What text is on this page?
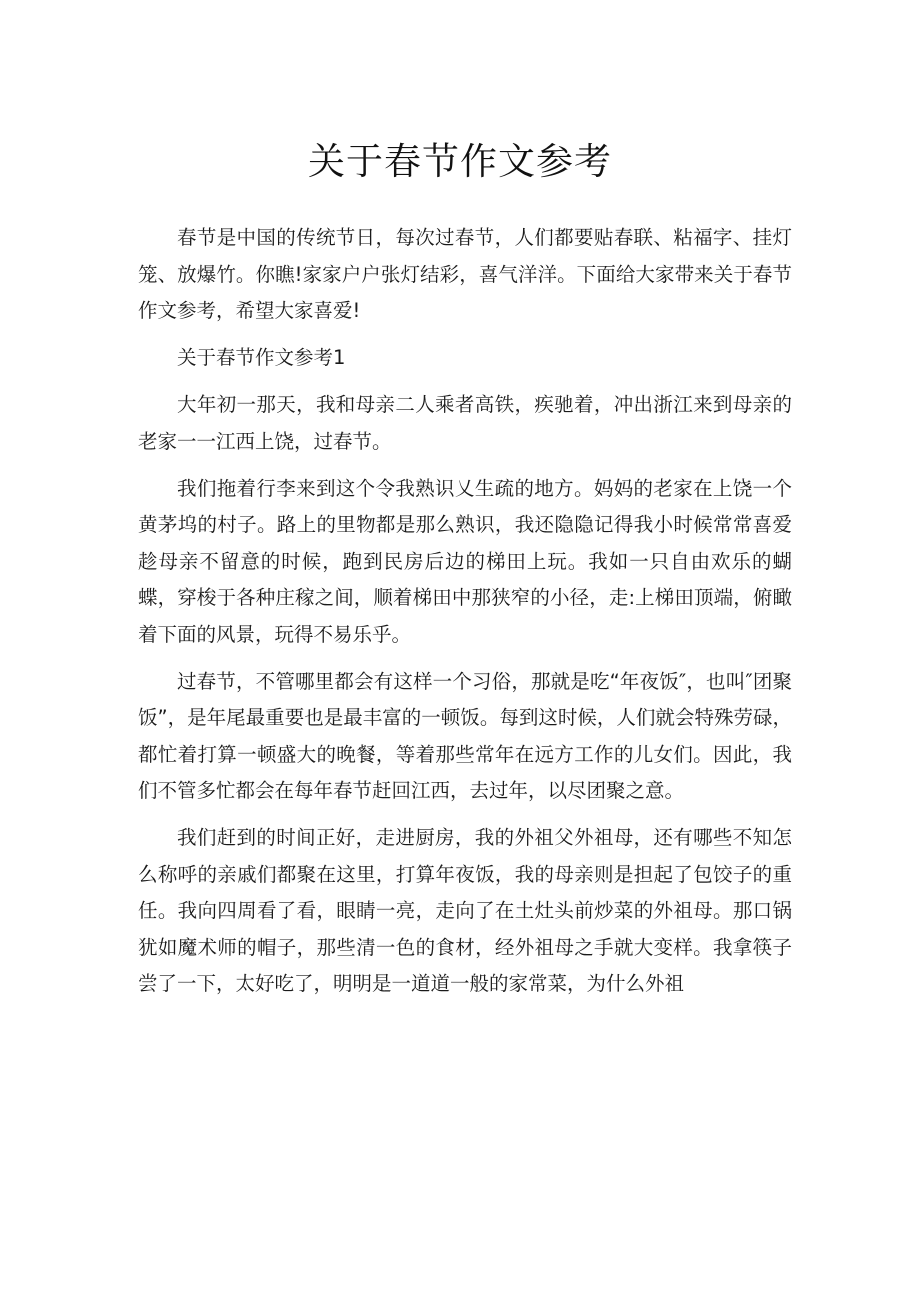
关于春节作文参考

春节是中国的传统节日，每次过春节，人们都要贴春联、粘福字、挂灯笼、放爆竹。你瞧!家家户户张灯结彩，喜气洋洋。下面给大家带来关于春节作文参考，希望大家喜爱!

关于春节作文参考1

大年初一那天，我和母亲二人乘者高铁，疾驰着，冲出浙江来到母亲的老家一一江西上饶，过春节。

我们拖着行李来到这个令我熟识乂生疏的地方。妈妈的老家在上饶一个黄茅坞的村子。路上的里物都是那么熟识，我还隐隐记得我小时候常常喜爱趁母亲不留意的时候，跑到民房后边的梯田上玩。我如一只自由欢乐的蝴蝶，穿梭于各种庄稼之间，顺着梯田中那狭窄的小径，走:上梯田顶端，俯瞰着下面的风景，玩得不易乐乎。

过春节，不管哪里都会有这样一个习俗，那就是吃“年夜饭″，也叫″团聚饭”，是年尾最重要也是最丰富的一顿饭。每到这时候，人们就会特殊劳碌，都忙着打算一顿盛大的晚餐，等着那些常年在远方工作的儿女们。因此，我们不管多忙都会在每年春节赶回江西，去过年，以尽团聚之意。

我们赶到的时间正好，走进厨房，我的外祖父外祖母，还有哪些不知怎么称呼的亲戚们都聚在这里，打算年夜饭，我的母亲则是担起了包饺子的重任。我向四周看了看，眼睛一亮，走向了在土灶头前炒菜的外祖母。那口锅犹如魔术师的帽子，那些清一色的食材，经外祖母之手就大变样。我拿筷子尝了一下，太好吃了，明明是一道道一般的家常菜，为什么外祖
